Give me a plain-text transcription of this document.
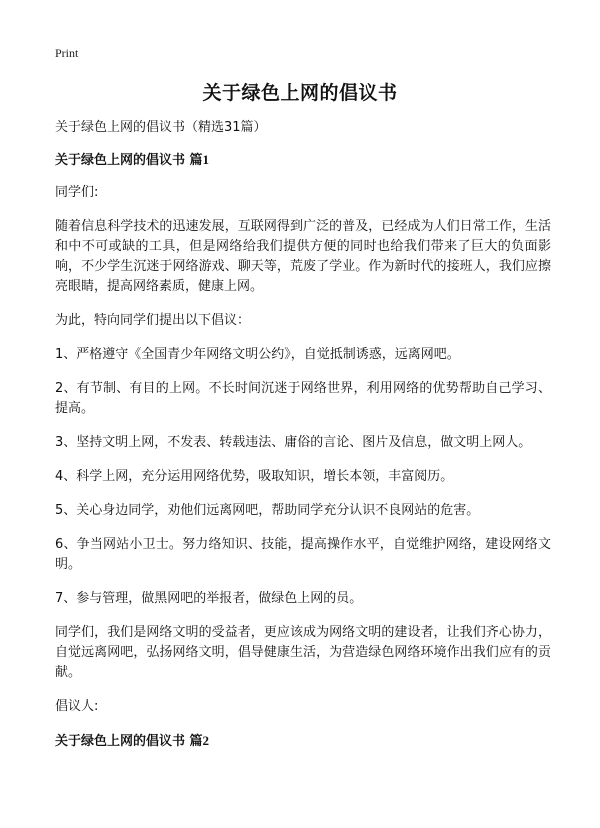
Print
关于绿色上网的倡议书
关于绿色上网的倡议书（精选31篇）
关于绿色上网的倡议书 篇1

同学们:

随着信息科学技术的迅速发展，互联网得到广泛的普及，已经成为人们日常工作，生活和中不可或缺的工具，但是网络给我们提供方便的同时也给我们带来了巨大的负面影响，不少学生沉迷于网络游戏、聊天等，荒废了学业。作为新时代的接班人，我们应擦亮眼睛，提高网络素质，健康上网。

为此，特向同学们提出以下倡议：

1、严格遵守《全国青少年网络文明公约》，自觉抵制诱惑，远离网吧。

2、有节制、有目的上网。不长时间沉迷于网络世界，利用网络的优势帮助自己学习、提高。

3、坚持文明上网，不发表、转载违法、庸俗的言论、图片及信息，做文明上网人。

4、科学上网，充分运用网络优势，吸取知识，增长本领，丰富阅历。

5、关心身边同学，劝他们远离网吧，帮助同学充分认识不良网站的危害。

6、争当网站小卫士。努力络知识、技能，提高操作水平，自觉维护网络，建设网络文明。

7、参与管理，做黑网吧的举报者，做绿色上网的员。

同学们，我们是网络文明的受益者，更应该成为网络文明的建设者，让我们齐心协力，自觉远离网吧，弘扬网络文明，倡导健康生活，为营造绿色网络环境作出我们应有的贡献。

倡议人:

关于绿色上网的倡议书 篇2
